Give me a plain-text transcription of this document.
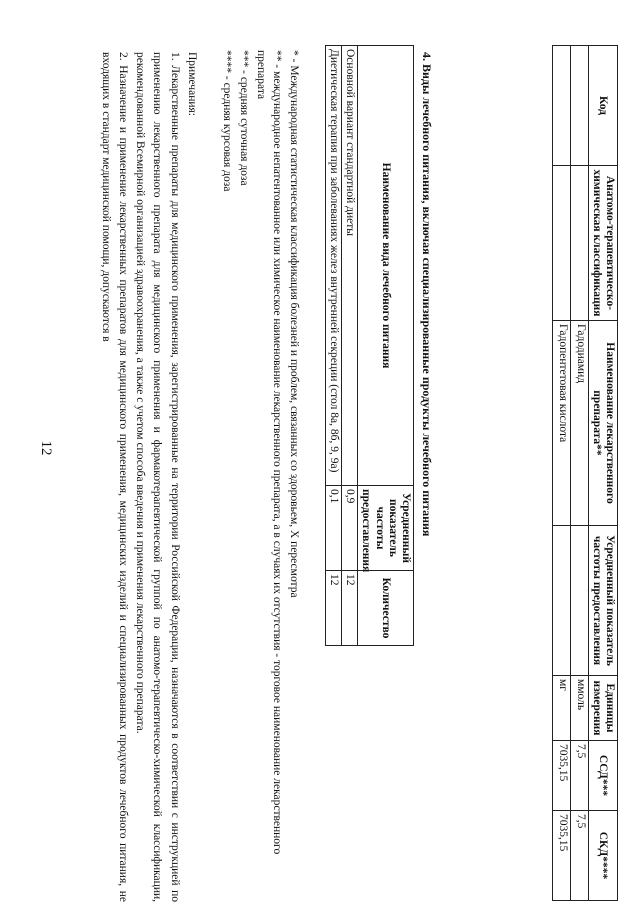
12
Код	Анатомо-терапевтическо-химическая классификация	Наименование лекарственного препарата**	Усредненный показатель частоты предоставления	Единицы измерения	ССД***	СКД****
		Гадодиамид		ммоль	7,5	7,5
		Гадопентетовая кислота		мг	7035,15	7035,15
4. Виды лечебного питания, включая специализированные продукты лечебного питания
Наименование вида лечебного питания	Усредненный показатель частоты предоставления	Количество
Основной вариант стандартной диеты	0,9	12
Диетическая терапия при заболеваниях желез внутренней секреции (стол 8а, 8б, 9, 9а)	0,1	12

* - Международная статистическая классификация болезней и проблем, связанных со здоровьем, X пересмотра

** - международное непатентованное или химическое наименование лекарственного препарата, а в случаях их отсутствия - торговое наименование лекарственного препарата

*** - средняя суточная доза

**** - средняя курсовая доза

Примечания:

1. Лекарственные препараты для медицинского применения, зарегистрированные на территории Российской Федерации, назначаются в соответствии с инструкцией по применению лекарственного препарата для медицинского применения и фармакотерапевтической группой по анатомо-терапевтическо-химической классификации, рекомендованной Всемирной организацией здравоохранения, а также с учетом способа введения и применения лекарственного препарата.

2. Назначение и применение лекарственных препаратов для медицинского применения, медицинских изделий и специализированных продуктов лечебного питания, не входящих в стандарт медицинской помощи, допускаются в
